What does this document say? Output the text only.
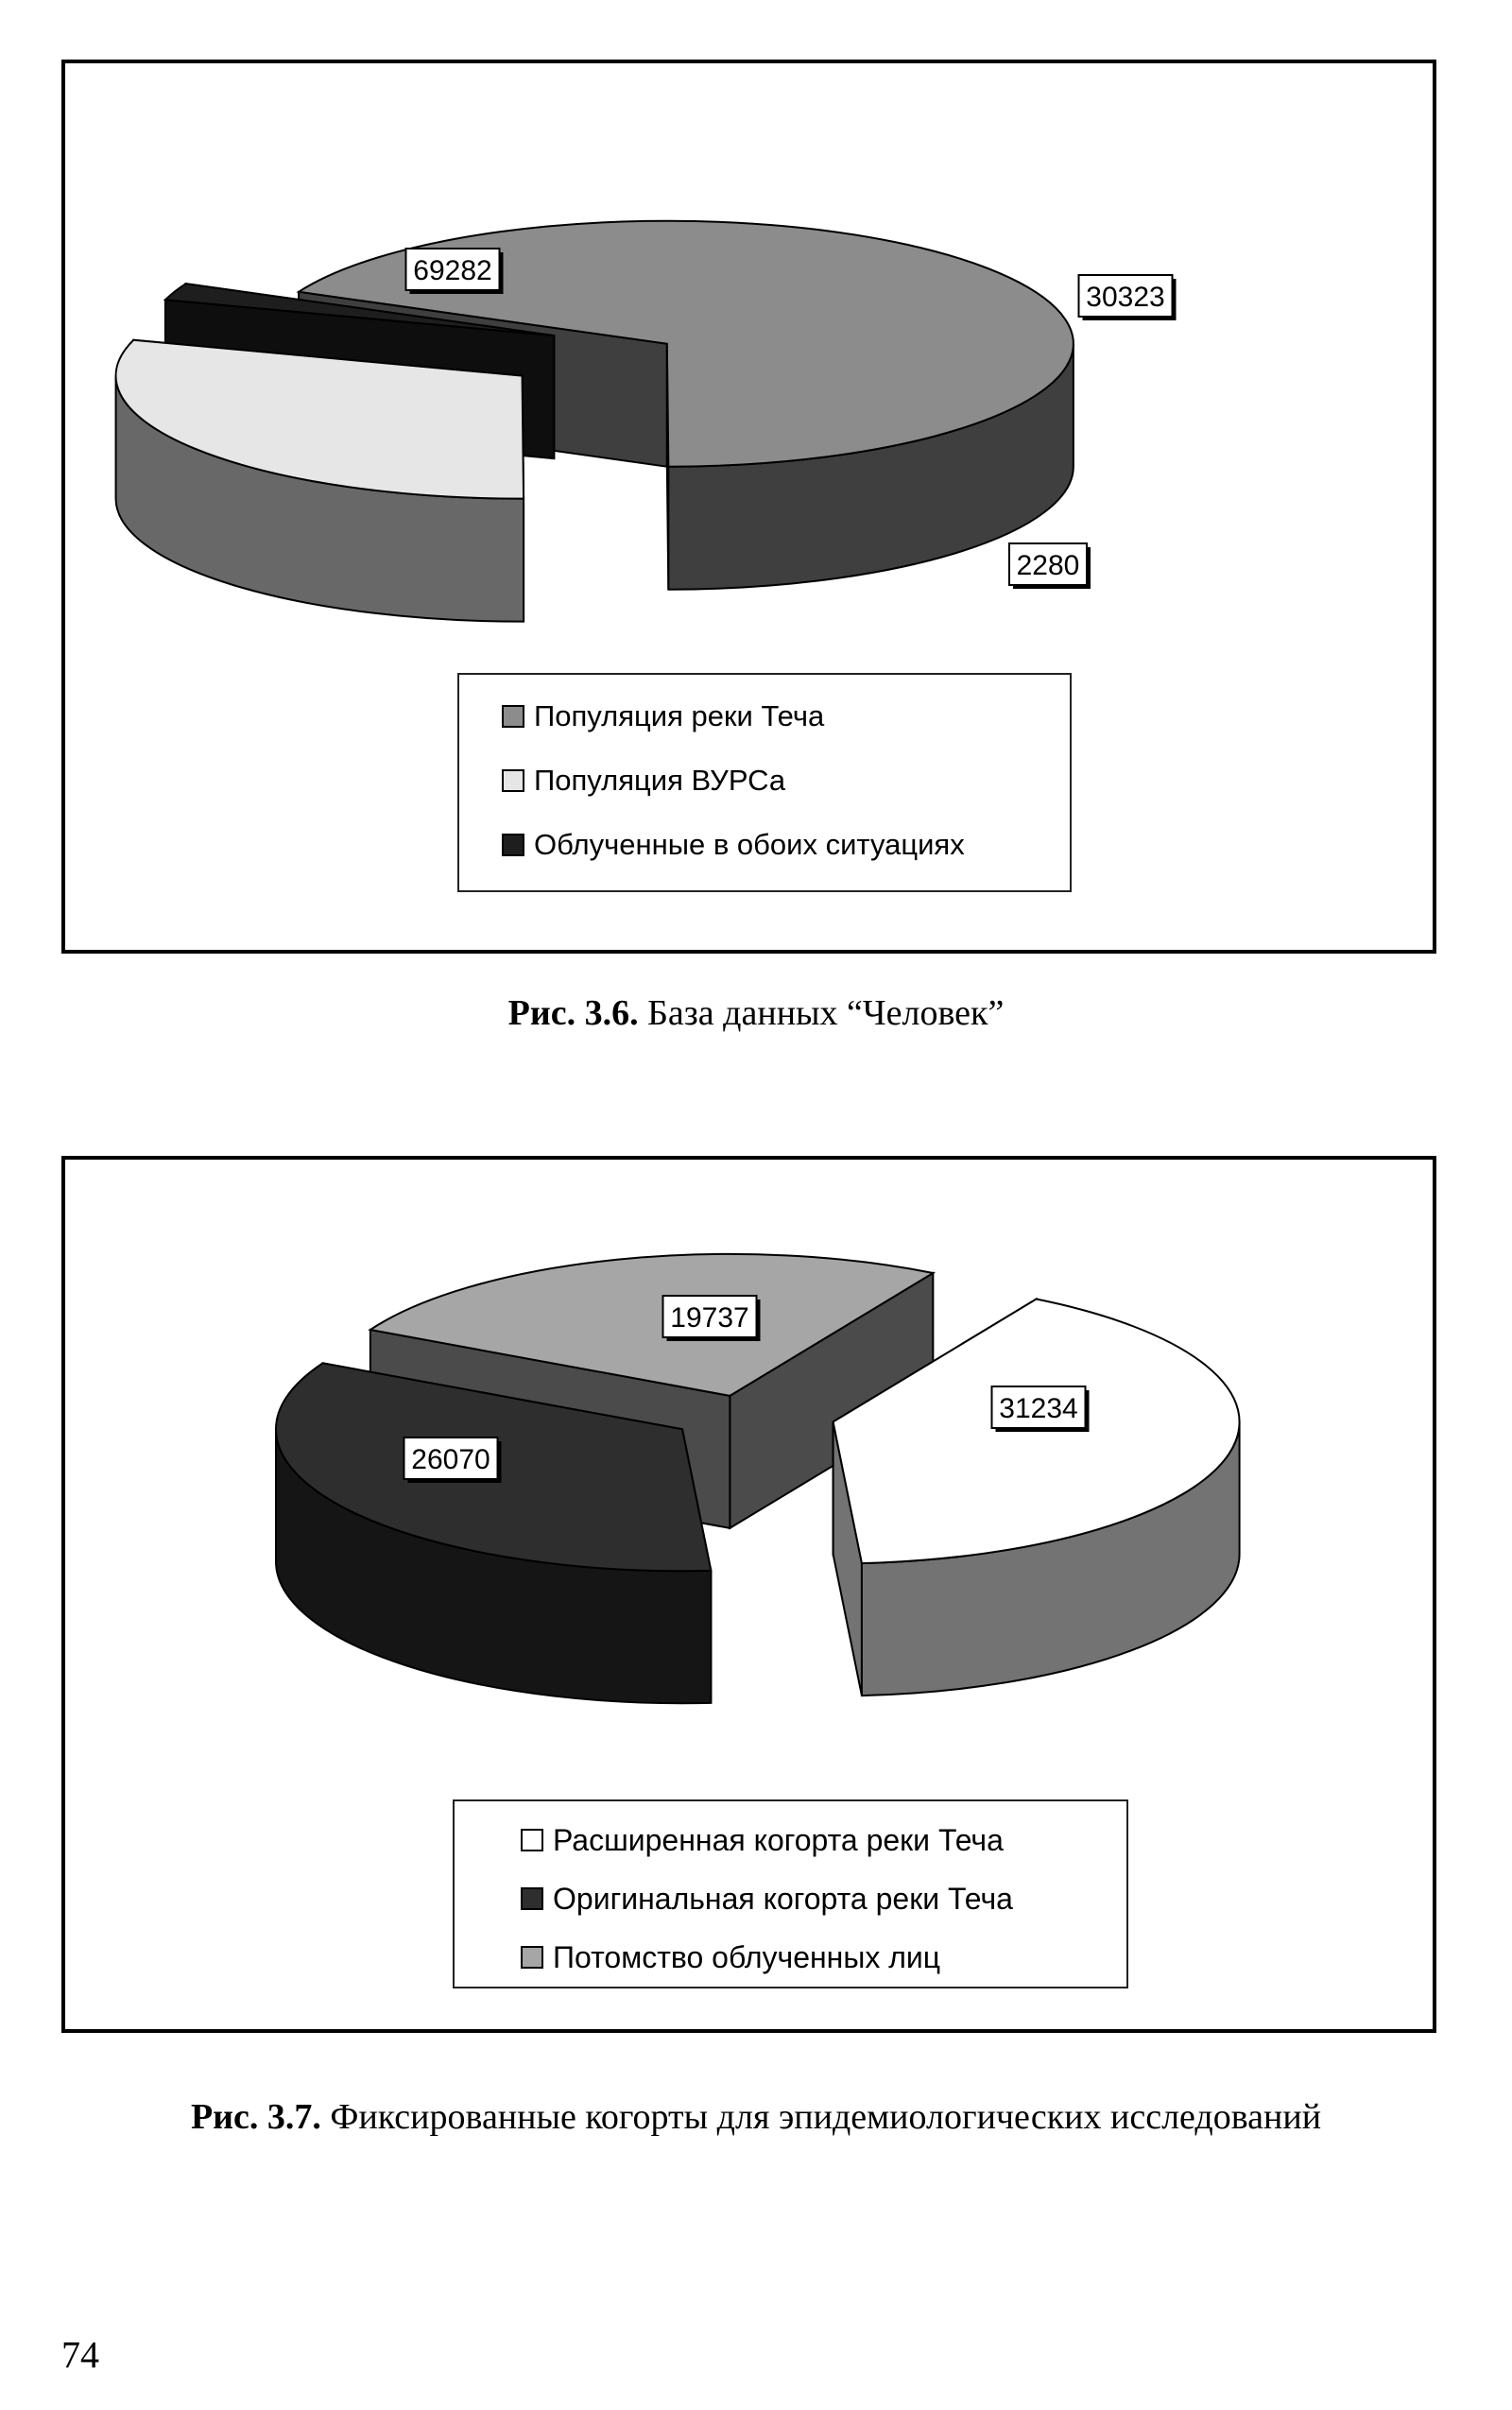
69282
30323
2280
Популяция реки Теча
Популяция ВУРСа
Облученные в обоих ситуациях
Рис. 3.6. База данных “Человек”
31234
26070
19737
Расширенная когорта реки Теча
Оригинальная когорта реки Теча
Потомство облученных лиц
Рис. 3.7. Фиксированные когорты для эпидемиологических исследований
74
